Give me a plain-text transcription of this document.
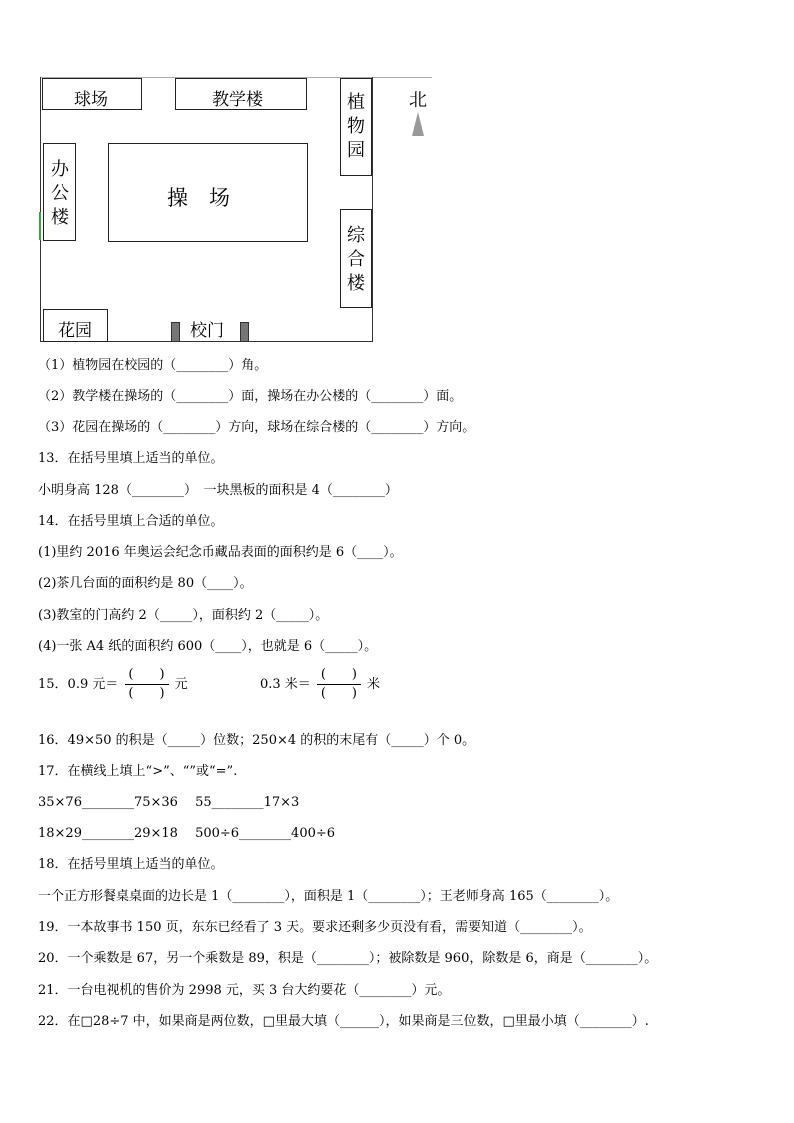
球场	教学楼	植物园
北
办公楼
操　场
综合楼
花园	校门
（1）植物园在校园的（________）角。
（2）教学楼在操场的（________）面，操场在办公楼的（________）面。
（3）花园在操场的（________）方向，球场在综合楼的（________）方向。
13．在括号里填上适当的单位。
小明身高 128（________）　一块黑板的面积是 4（________）
14．在括号里填上合适的单位。
(1)里约 2016 年奥运会纪念币藏品表面的面积约是 6（____）。
(2)茶几台面的面积约是 80（____）。
(3)教室的门高约 2（_____），面积约 2（_____）。
(4)一张 A4 纸的面积约 600（____），也就是 6（_____）。
15．0.9 元＝ $\frac{( )}{( )}$ 元	0.3 米＝ $\frac{( )}{( )}$ 米
16．49×50 的积是（_____）位数；250×4 的积的末尾有（_____）个 0。
17．在横线上填上“>”、“”或“=”.
35×76________75×36　 55________17×3
18×29________29×18　 500÷6________400÷6
18．在括号里填上适当的单位。
一个正方形餐桌桌面的边长是 1（________），面积是 1（________）；王老师身高 165（________）。
19．一本故事书 150 页，东东已经看了 3 天。要求还剩多少页没有看，需要知道（________）。
20．一个乘数是 67，另一个乘数是 89，积是（________）；被除数是 960，除数是 6，商是（________）。
21．一台电视机的售价为 2998 元，买 3 台大约要花（________）元。
22．在□28÷7 中，如果商是两位数，□里最大填（______），如果商是三位数，□里最小填（________）.
